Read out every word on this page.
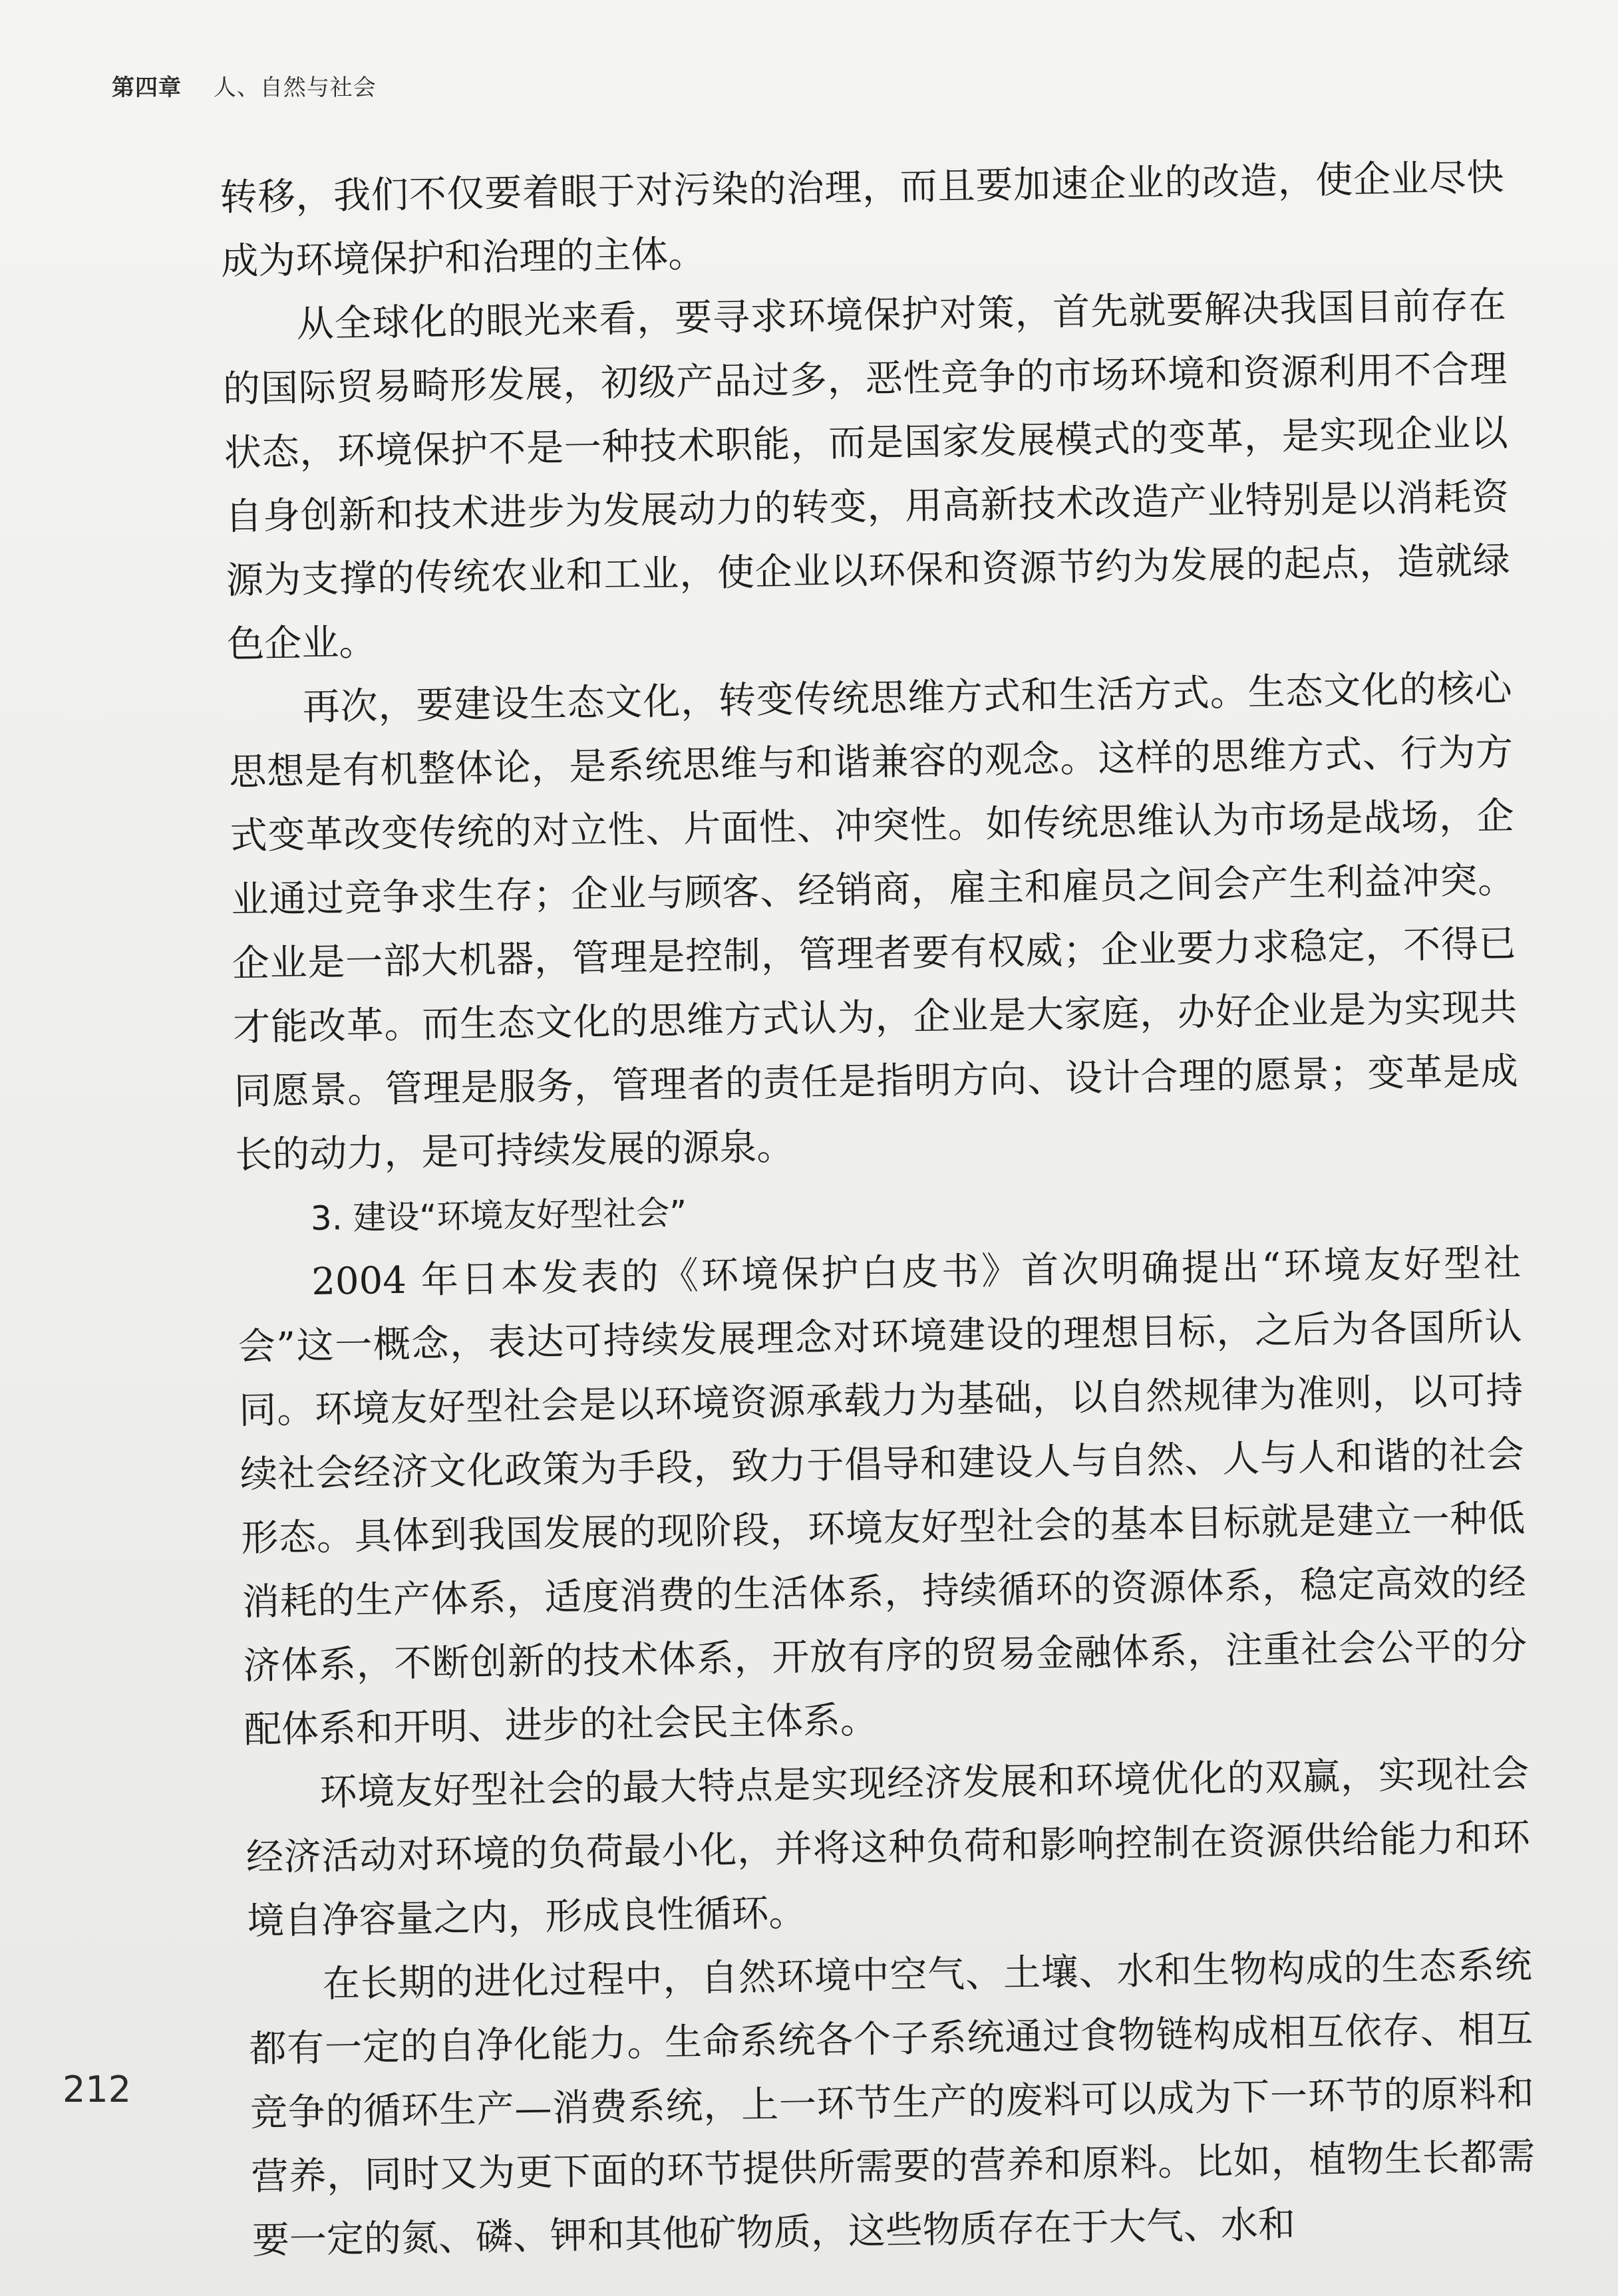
第四章 人、自然与社会

转移，我们不仅要着眼于对污染的治理，而且要加速企业的改造，使企业尽快成为环境保护和治理的主体。

从全球化的眼光来看，要寻求环境保护对策，首先就要解决我国目前存在的国际贸易畸形发展，初级产品过多，恶性竞争的市场环境和资源利用不合理状态，环境保护不是一种技术职能，而是国家发展模式的变革，是实现企业以自身创新和技术进步为发展动力的转变，用高新技术改造产业特别是以消耗资源为支撑的传统农业和工业，使企业以环保和资源节约为发展的起点，造就绿色企业。

再次，要建设生态文化，转变传统思维方式和生活方式。生态文化的核心思想是有机整体论，是系统思维与和谐兼容的观念。这样的思维方式、行为方式变革改变传统的对立性、片面性、冲突性。如传统思维认为市场是战场，企业通过竞争求生存；企业与顾客、经销商，雇主和雇员之间会产生利益冲突。企业是一部大机器，管理是控制，管理者要有权威；企业要力求稳定，不得已才能改革。而生态文化的思维方式认为，企业是大家庭，办好企业是为实现共同愿景。管理是服务，管理者的责任是指明方向、设计合理的愿景；变革是成长的动力，是可持续发展的源泉。

3. 建设“环境友好型社会”

2004 年日本发表的《环境保护白皮书》首次明确提出“环境友好型社会”这一概念，表达可持续发展理念对环境建设的理想目标，之后为各国所认同。环境友好型社会是以环境资源承载力为基础，以自然规律为准则，以可持续社会经济文化政策为手段，致力于倡导和建设人与自然、人与人和谐的社会形态。具体到我国发展的现阶段，环境友好型社会的基本目标就是建立一种低消耗的生产体系，适度消费的生活体系，持续循环的资源体系，稳定高效的经济体系，不断创新的技术体系，开放有序的贸易金融体系，注重社会公平的分配体系和开明、进步的社会民主体系。

环境友好型社会的最大特点是实现经济发展和环境优化的双赢，实现社会经济活动对环境的负荷最小化，并将这种负荷和影响控制在资源供给能力和环境自净容量之内，形成良性循环。

在长期的进化过程中，自然环境中空气、土壤、水和生物构成的生态系统都有一定的自净化能力。生命系统各个子系统通过食物链构成相互依存、相互竞争的循环生产—消费系统，上一环节生产的废料可以成为下一环节的原料和营养，同时又为更下面的环节提供所需要的营养和原料。比如，植物生长都需要一定的氮、磷、钾和其他矿物质，这些物质存在于大气、水和

212
